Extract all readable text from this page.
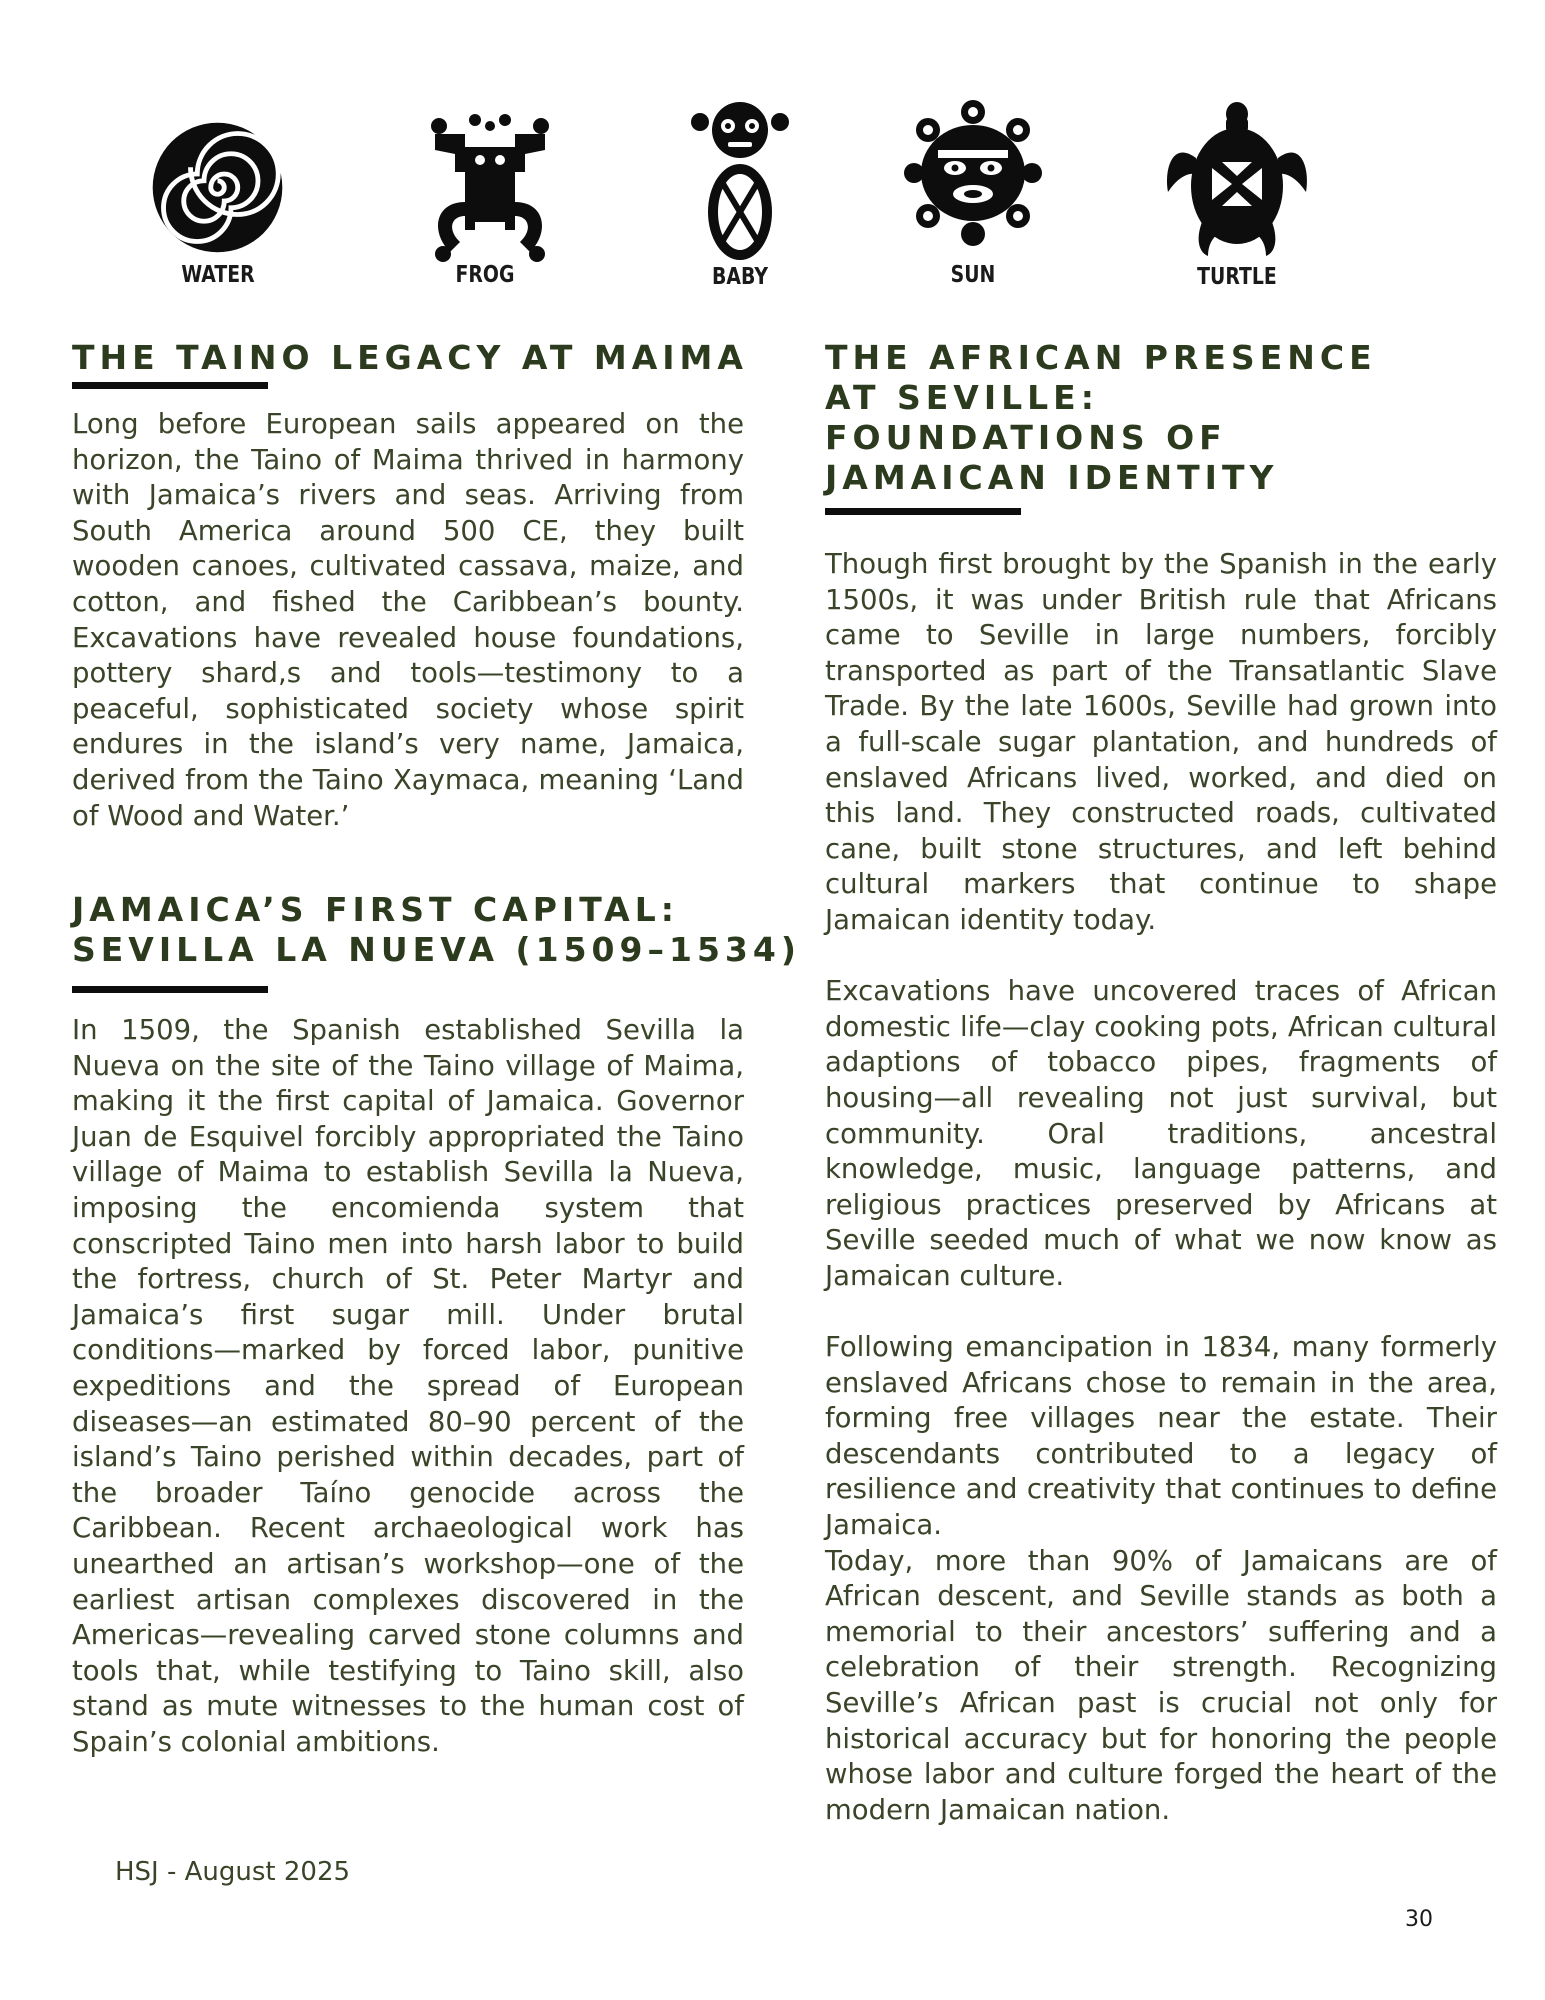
WATER	FROG	BABY	SUN	TURTLE
THE TAINO LEGACY AT MAIMA

Long before European sails appeared on the horizon, the Taino of Maima thrived in harmony with Jamaica’s rivers and seas. Arriving from South America around 500 CE, they built wooden canoes, cultivated cassava, maize, and cotton, and fished the Caribbean’s bounty. Excavations have revealed house foundations, pottery shard,s and tools—testimony to a peaceful, sophisticated society whose spirit endures in the island’s very name, Jamaica, derived from the Taino Xaymaca, meaning ‘Land of Wood and Water.’

JAMAICA’S FIRST CAPITAL:
SEVILLA LA NUEVA (1509–1534)

In 1509, the Spanish established Sevilla la Nueva on the site of the Taino village of Maima, making it the first capital of Jamaica. Governor Juan de Esquivel forcibly appropriated the Taino village of Maima to establish Sevilla la Nueva, imposing the encomienda system that conscripted Taino men into harsh labor to build the fortress, church of St. Peter Martyr and Jamaica’s first sugar mill. Under brutal conditions—marked by forced labor, punitive expeditions and the spread of European diseases—an estimated 80–90 percent of the island’s Taino perished within decades, part of the broader Taíno genocide across the Caribbean. Recent archaeological work has unearthed an artisan’s workshop—one of the earliest artisan complexes discovered in the Americas—revealing carved stone columns and tools that, while testifying to Taino skill, also stand as mute witnesses to the human cost of Spain’s colonial ambitions.

THE AFRICAN PRESENCE
AT SEVILLE:
FOUNDATIONS OF
JAMAICAN IDENTITY

Though first brought by the Spanish in the early 1500s, it was under British rule that Africans came to Seville in large numbers, forcibly transported as part of the Transatlantic Slave Trade. By the late 1600s, Seville had grown into a full-scale sugar plantation, and hundreds of enslaved Africans lived, worked, and died on this land. They constructed roads, cultivated cane, built stone structures, and left behind cultural markers that continue to shape Jamaican identity today.

Excavations have uncovered traces of African domestic life—clay cooking pots, African cultural adaptions of tobacco pipes, fragments of housing—all revealing not just survival, but community. Oral traditions, ancestral knowledge, music, language patterns, and religious practices preserved by Africans at Seville seeded much of what we now know as Jamaican culture.

Following emancipation in 1834, many formerly enslaved Africans chose to remain in the area, forming free villages near the estate. Their descendants contributed to a legacy of resilience and creativity that continues to define Jamaica.

Today, more than 90% of Jamaicans are of African descent, and Seville stands as both a memorial to their ancestors’ suffering and a celebration of their strength. Recognizing Seville’s African past is crucial not only for historical accuracy but for honoring the people whose labor and culture forged the heart of the modern Jamaican nation.

HSJ - August 2025
30
